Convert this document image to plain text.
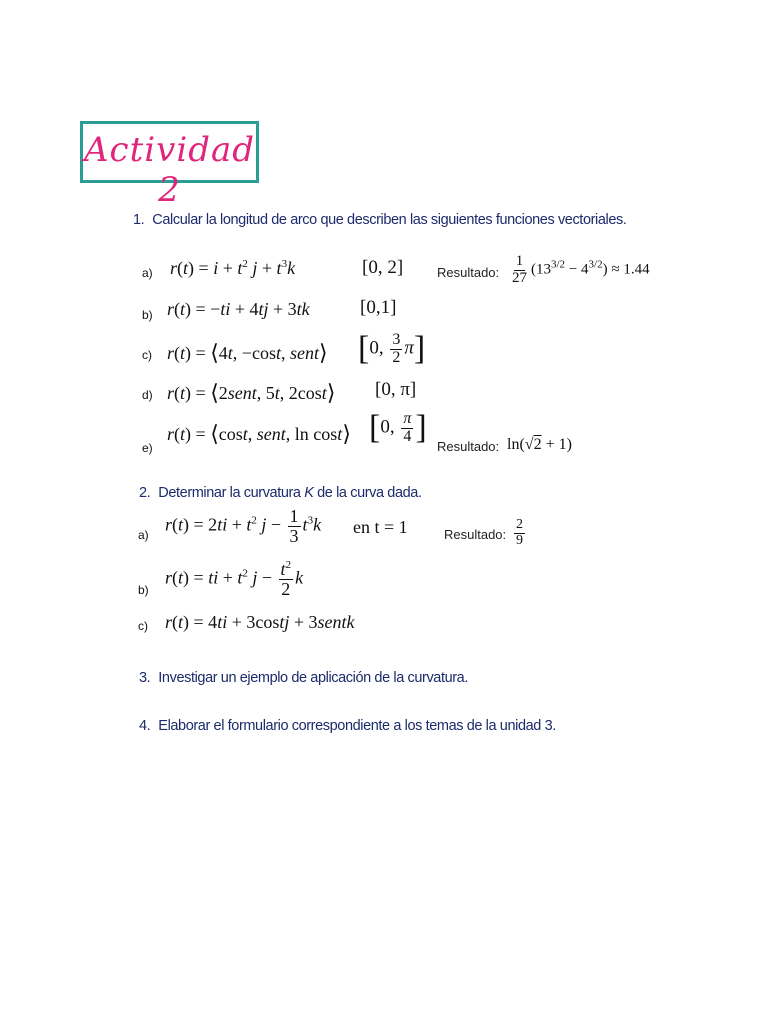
Actividad 2
1. Calcular la longitud de arco que describen las siguientes funciones vectoriales.
a) $r(t) = i + t^2$ $j + t^3k$	[0, 2]	Resultado: $\frac{1}{27} (13^{3/2} - 4^{3/2}) \approx 1.44$
b) r(t) = −ti + 4tj + 3tk	[0,1]
c) r(t) = ⟨4t, −cost, sent⟩ [0, $\frac{3}{2} \pi$]
d) r(t) = ⟨2sent, 5t, 2cost⟩ [0, π]
e)
r(t) = ⟨cost, sent, ln cost⟩ [0, $\frac{\pi}{4}$ ]
Resultado: ln(√2 + 1)
2. Determinar la curvatura K de la curva dada.
a)
$r(t) = 2ti + t^2$ $j - \frac{1}{3} t^3k$ en t = 1	Resultado: $\frac{2}{9}$
b)
r(t) = ti + $t^2$ $j - \frac{t^2}{2}$ k
c) r(t) = 4ti + 3costj + 3sentk
3. Investigar un ejemplo de aplicación de la curvatura.
4. Elaborar el formulario correspondiente a los temas de la unidad 3.
